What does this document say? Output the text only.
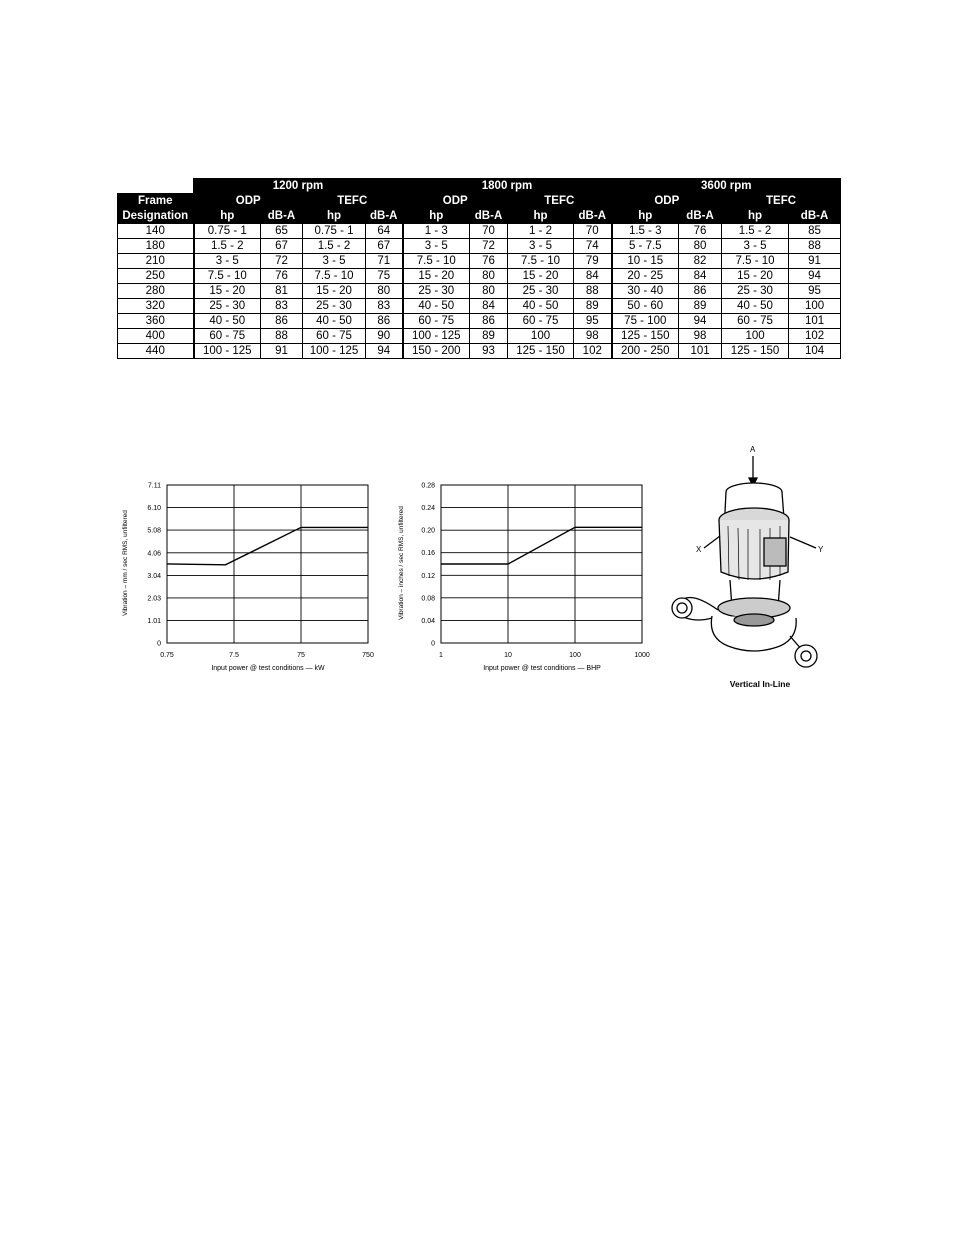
	1200 rpm				1800 rpm				3600 rpm			
Frame	ODP		TEFC		ODP		TEFC		ODP		TEFC	
Designation	hp	dB-A	hp	dB-A	hp	dB-A	hp	dB-A	hp	dB-A	hp	dB-A
140	0.75 - 1	65	0.75 - 1	64	1 - 3	70	1 - 2	70	1.5 - 3	76	1.5 - 2	85
180	1.5 - 2	67	1.5 - 2	67	3 - 5	72	3 - 5	74	5 - 7.5	80	3 - 5	88
210	3 - 5	72	3 - 5	71	7.5 - 10	76	7.5 - 10	79	10 - 15	82	7.5 - 10	91
250	7.5 - 10	76	7.5 - 10	75	15 - 20	80	15 - 20	84	20 - 25	84	15 - 20	94
280	15 - 20	81	15 - 20	80	25 - 30	80	25 - 30	88	30 - 40	86	25 - 30	95
320	25 - 30	83	25 - 30	83	40 - 50	84	40 - 50	89	50 - 60	89	40 - 50	100
360	40 - 50	86	40 - 50	86	60 - 75	86	60 - 75	95	75 - 100	94	60 - 75	101
400	60 - 75	88	60 - 75	90	100 - 125	89	100	98	125 - 150	98	100	102
440	100 - 125	91	100 - 125	94	150 - 200	93	125 - 150	102	200 - 250	101	125 - 150	104
0
1.01
2.03
3.04
4.06
5.08
6.10
7.11
0.75	7.5	75	750
Vibration – mm / sec RMS, unfiltered
Input power @ test conditions — kW
0
0.04
0.08
0.12
0.16
0.20
0.24
0.28
1	10	100	1000
Vibration – inches / sec RMS, unfiltered
Input power @ test conditions — BHP
A
X	Y
Vertical In-Line
